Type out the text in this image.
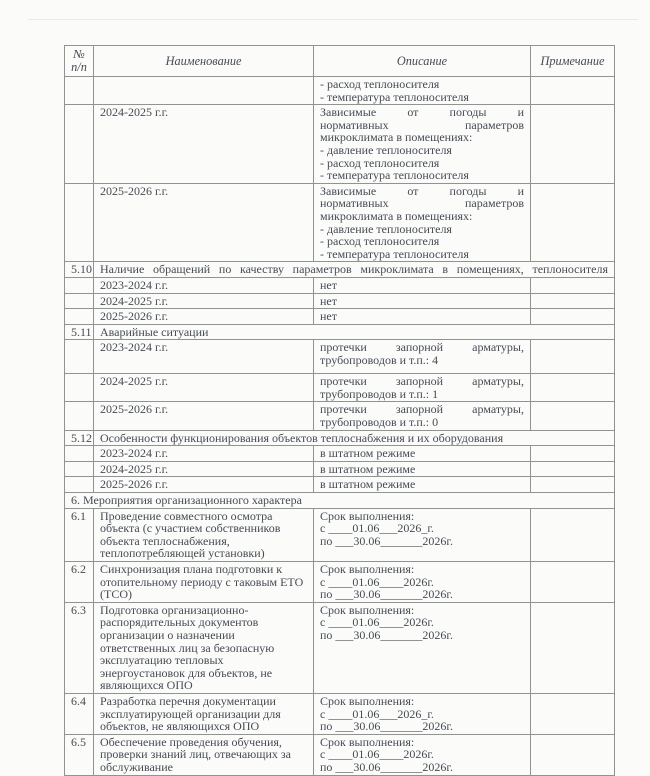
№
п/п	Наименование	Описание	Примечание

		- расход теплоносителя
- температура теплоносителя	

	2024-2025 г.г.	Зависимые от погоды и
нормативных параметров
микроклимата в помещениях:
- давление теплоносителя
- расход теплоносителя
- температура теплоносителя

	2025-2026 г.г.	Зависимые от погоды и
нормативных параметров
микроклимата в помещениях:
- давление теплоносителя
- расход теплоносителя
- температура теплоносителя

5.10	Наличие обращений по качеству параметров микроклимата в помещениях, теплоносителя		
	2023-2024 г.г.	нет	
	2024-2025 г.г.	нет	
	2025-2026 г.г.	нет	
5.11	Аварийные ситуации		
	2023-2024 г.г.	протечки запорной арматуры,
трубопроводов и т.п.: 4	

	2024-2025 г.г.	протечки запорной арматуры,
трубопроводов и т.п.: 1	

	2025-2026 г.г.	протечки запорной арматуры,
трубопроводов и т.п.: 0	

5.12	Особенности функционирования объектов теплоснабжения и их оборудования		
	2023-2024 г.г.	в штатном режиме	
	2024-2025 г.г.	в штатном режиме	
	2025-2026 г.г.	в штатном режиме	
6. Мероприятия организационного характера			
6.1	Проведение совместного осмотра объекта (с участием собственников объекта теплоснабжения, теплопотребляющей установки)	Срок выполнения:
с ____01.06___2026_г.
по ___30.06_______2026г.	

6.2	Синхронизация плана подготовки к отопительному периоду с таковым ЕТО (ТСО)	Срок выполнения:
с ____01.06____2026г.
по ___30.06_______2026г.	

6.3	Подготовка организационно-распорядительных документов организации о назначении ответственных лиц за безопасную эксплуатацию тепловых энергоустановок для объектов, не являющихся ОПО	Срок выполнения:
с ____01.06____2026г.
по ___30.06_______2026г.	

6.4	Разработка перечня документации эксплуатирующей организации для объектов, не являющихся ОПО	Срок выполнения:
с ____01.06___2026_г.
по ___30.06_______2026г.	

6.5	Обеспечение проведения обучения, проверки знаний лиц, отвечающих за обслуживание	Срок выполнения:
с ____01.06____2026г.
по ___30.06_______2026г.	
